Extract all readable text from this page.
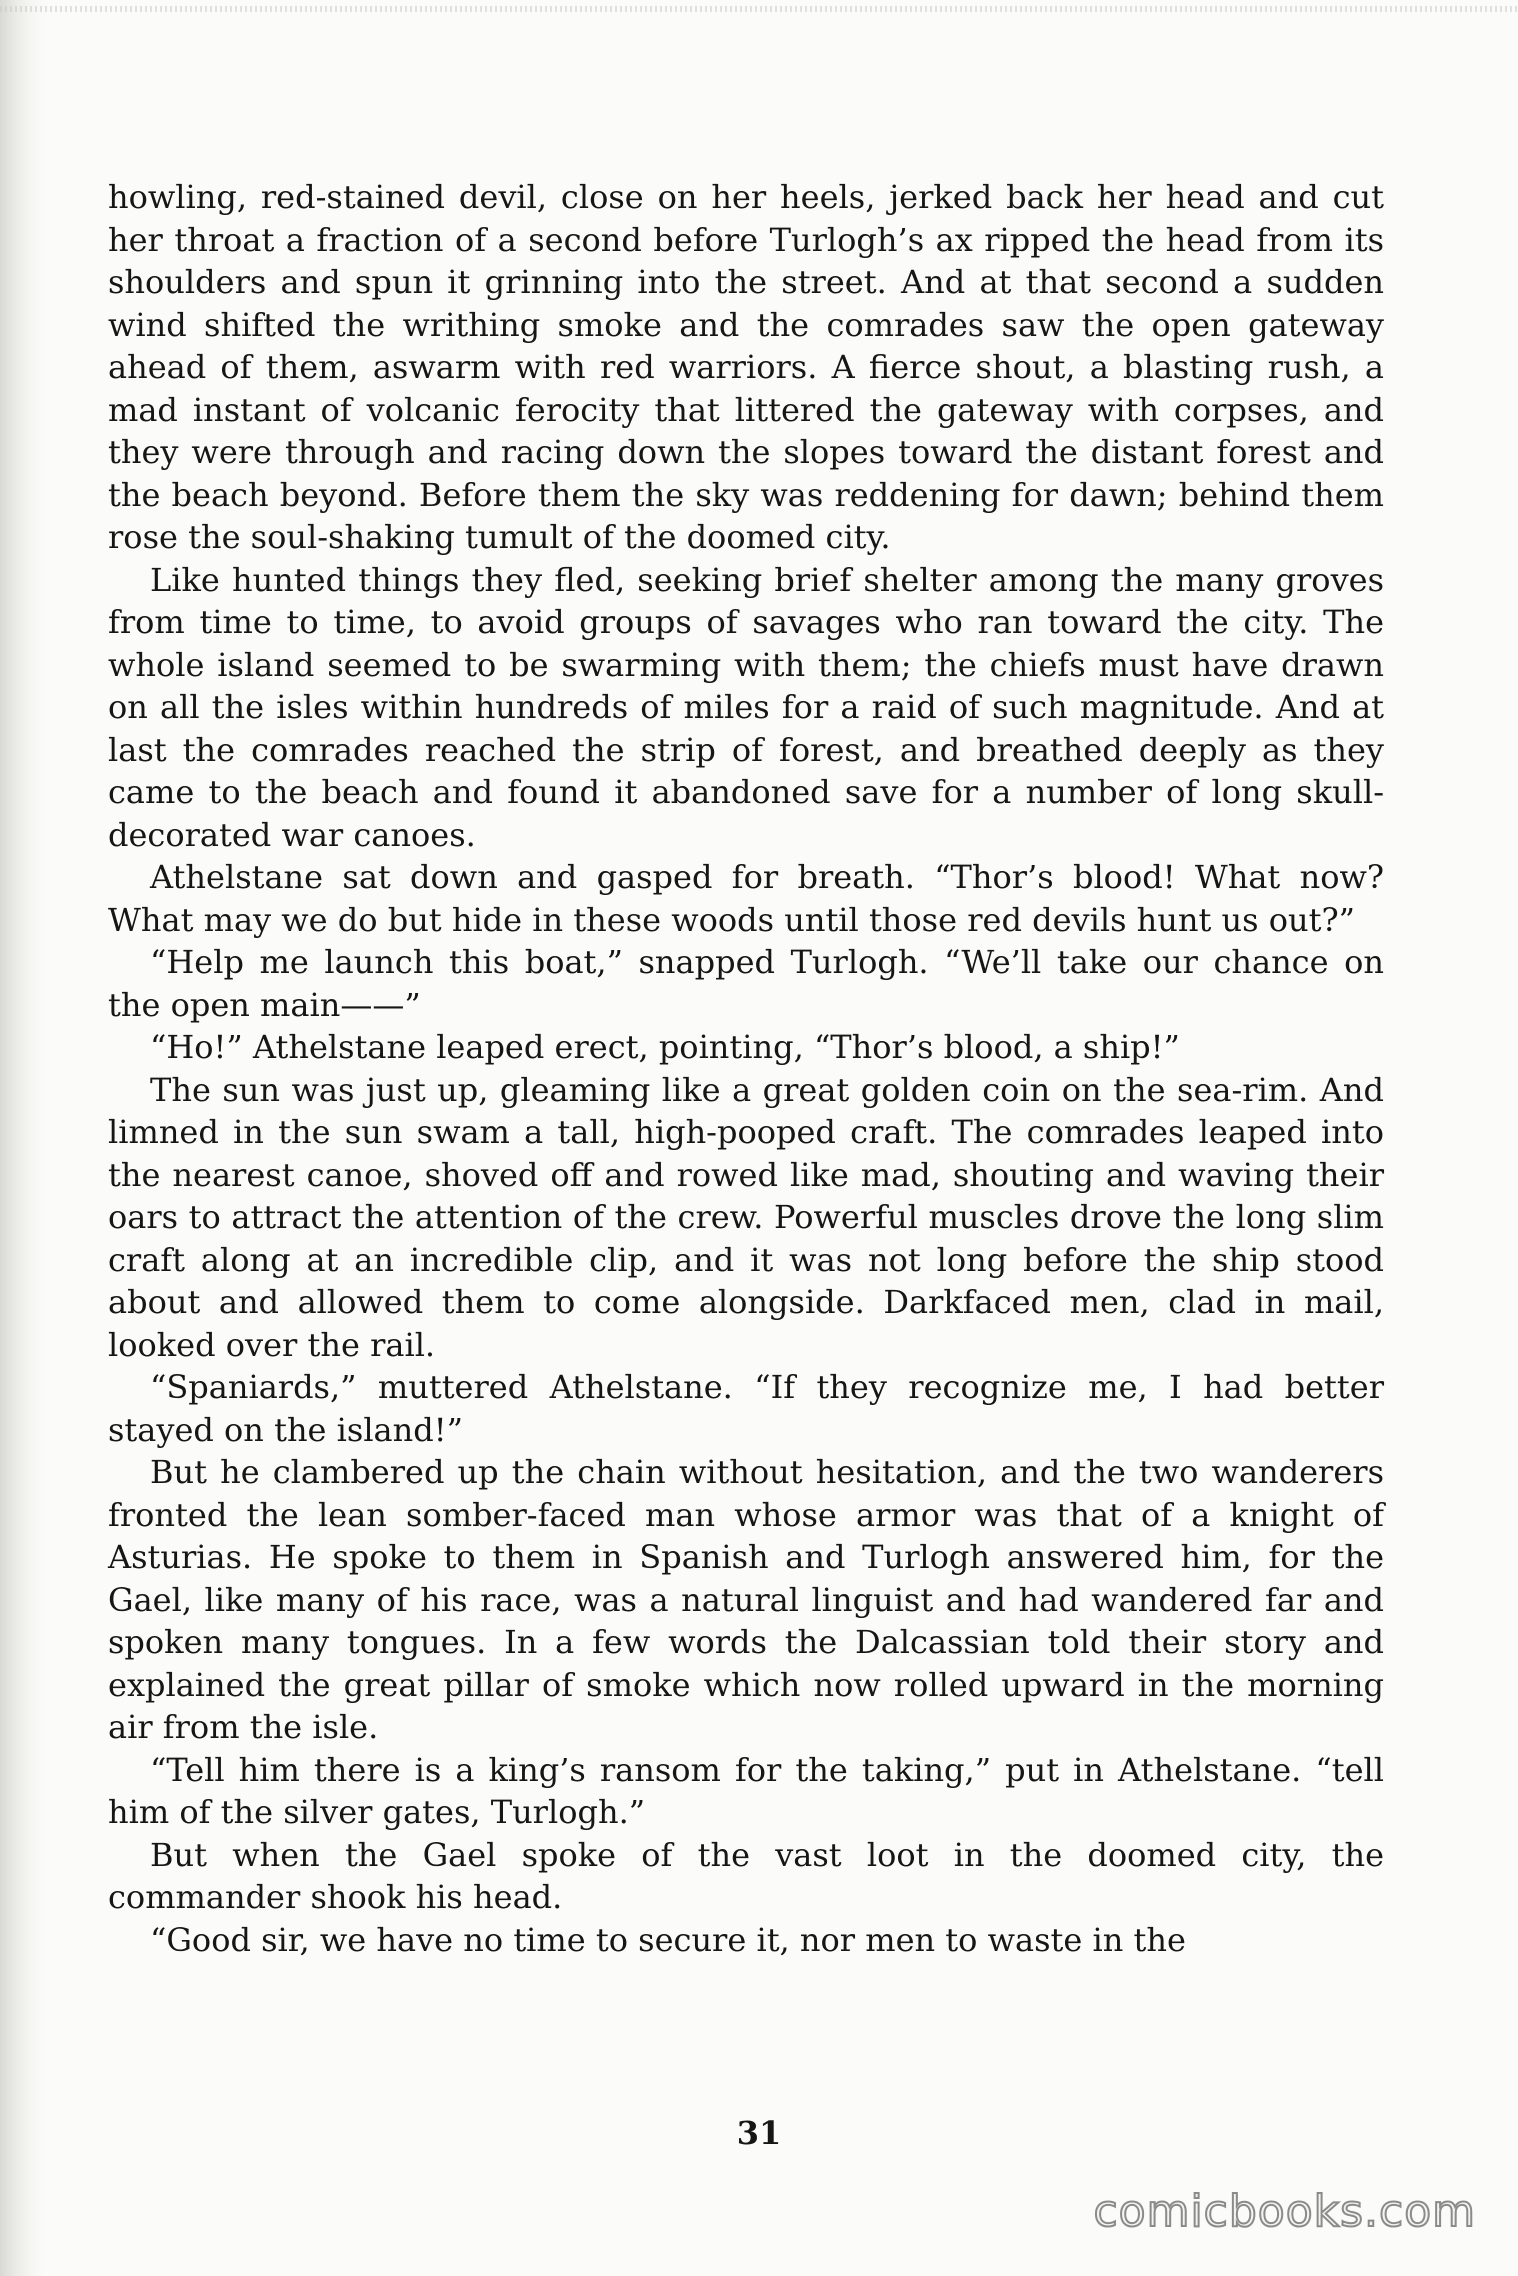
howling, red-stained devil, close on her heels, jerked back her head and cut her throat a fraction of a second before Turlogh’s ax ripped the head from its shoulders and spun it grinning into the street. And at that second a sudden wind shifted the writhing smoke and the comrades saw the open gateway ahead of them, aswarm with red warriors. A fierce shout, a blasting rush, a mad instant of volcanic ferocity that littered the gateway with corpses, and they were through and racing down the slopes toward the distant forest and the beach beyond. Before them the sky was reddening for dawn; behind them rose the soul-shaking tumult of the doomed city.

Like hunted things they fled, seeking brief shelter among the many groves from time to time, to avoid groups of savages who ran toward the city. The whole island seemed to be swarming with them; the chiefs must have drawn on all the isles within hundreds of miles for a raid of such magnitude. And at last the comrades reached the strip of forest, and breathed deeply as they came to the beach and found it abandoned save for a number of long skull-decorated war canoes.

Athelstane sat down and gasped for breath. “Thor’s blood! What now? What may we do but hide in these woods until those red devils hunt us out?”

“Help me launch this boat,” snapped Turlogh. “We’ll take our chance on the open main——”

“Ho!” Athelstane leaped erect, pointing, “Thor’s blood, a ship!”

The sun was just up, gleaming like a great golden coin on the sea-rim. And limned in the sun swam a tall, high-pooped craft. The comrades leaped into the nearest canoe, shoved off and rowed like mad, shouting and waving their oars to attract the attention of the crew. Powerful muscles drove the long slim craft along at an incredible clip, and it was not long before the ship stood about and allowed them to come alongside. Darkfaced men, clad in mail, looked over the rail.

“Spaniards,” muttered Athelstane. “If they recognize me, I had better stayed on the island!”

But he clambered up the chain without hesitation, and the two wanderers fronted the lean somber-faced man whose armor was that of a knight of Asturias. He spoke to them in Spanish and Turlogh answered him, for the Gael, like many of his race, was a natural linguist and had wandered far and spoken many tongues. In a few words the Dalcassian told their story and explained the great pillar of smoke which now rolled upward in the morning air from the isle.

“Tell him there is a king’s ransom for the taking,” put in Athelstane. “tell him of the silver gates, Turlogh.”

But when the Gael spoke of the vast loot in the doomed city, the commander shook his head.

“Good sir, we have no time to secure it, nor men to waste in the

31
comicbooks.com
